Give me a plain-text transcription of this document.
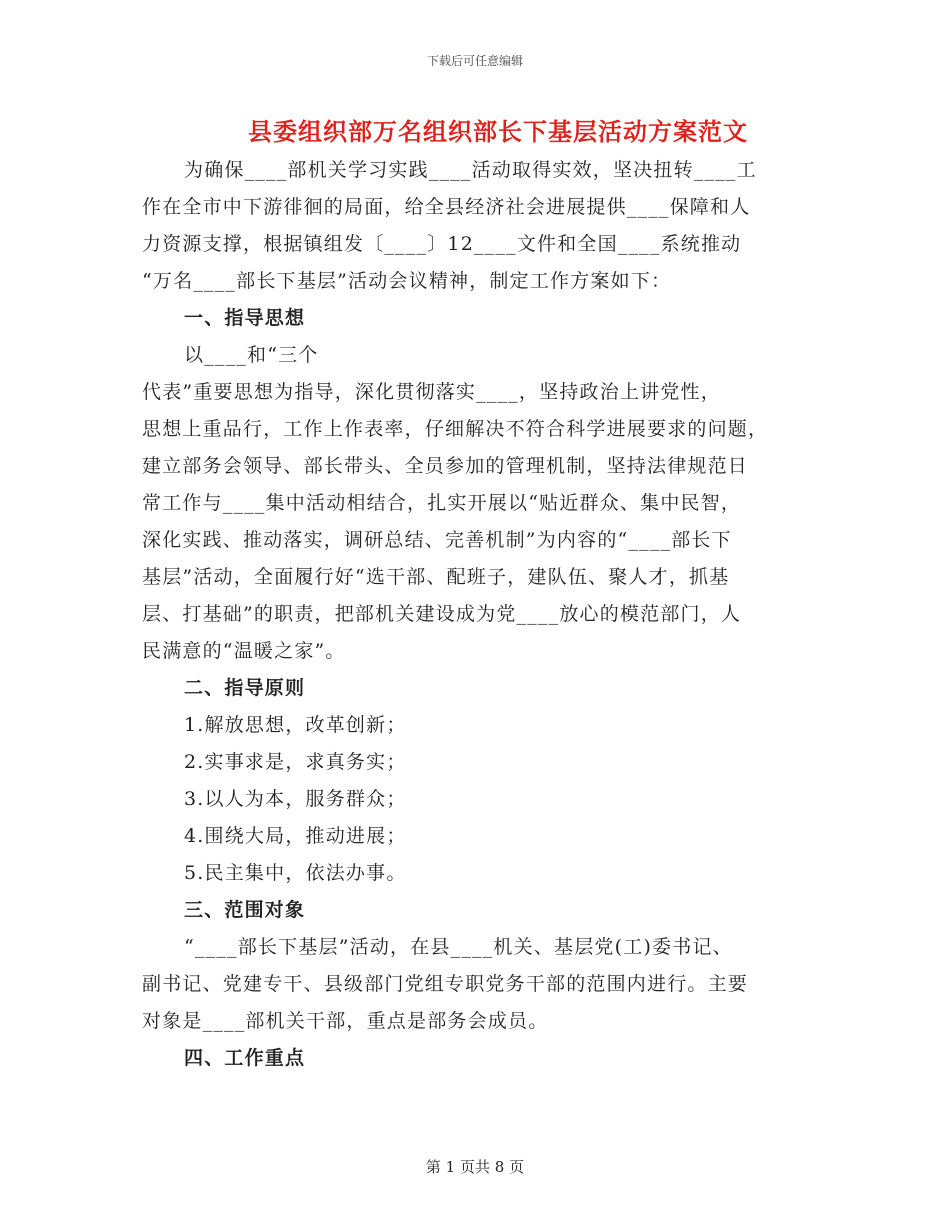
下载后可任意编辑
县委组织部万名组织部长下基层活动方案范文

为确保____部机关学习实践____活动取得实效，坚决扭转____工

作在全市中下游徘徊的局面，给全县经济社会进展提供____保障和人

力资源支撑，根据镇组发〔____〕12____文件和全国____系统推动

“万名____部长下基层”活动会议精神，制定工作方案如下：

一、指导思想

以____和“三个

代表”重要思想为指导，深化贯彻落实____，坚持政治上讲党性，

思想上重品行，工作上作表率，仔细解决不符合科学进展要求的问题，

建立部务会领导、部长带头、全员参加的管理机制，坚持法律规范日

常工作与____集中活动相结合，扎实开展以“贴近群众、集中民智，

深化实践、推动落实，调研总结、完善机制”为内容的“____部长下

基层”活动，全面履行好“选干部、配班子，建队伍、聚人才，抓基

层、打基础”的职责，把部机关建设成为党____放心的模范部门，人

民满意的“温暖之家”。

二、指导原则

1.解放思想，改革创新；

2.实事求是，求真务实；

3.以人为本，服务群众；

4.围绕大局，推动进展；

5.民主集中，依法办事。

三、范围对象

“____部长下基层”活动，在县____机关、基层党(工)委书记、

副书记、党建专干、县级部门党组专职党务干部的范围内进行。主要

对象是____部机关干部，重点是部务会成员。

四、工作重点

第 1 页共 8 页
